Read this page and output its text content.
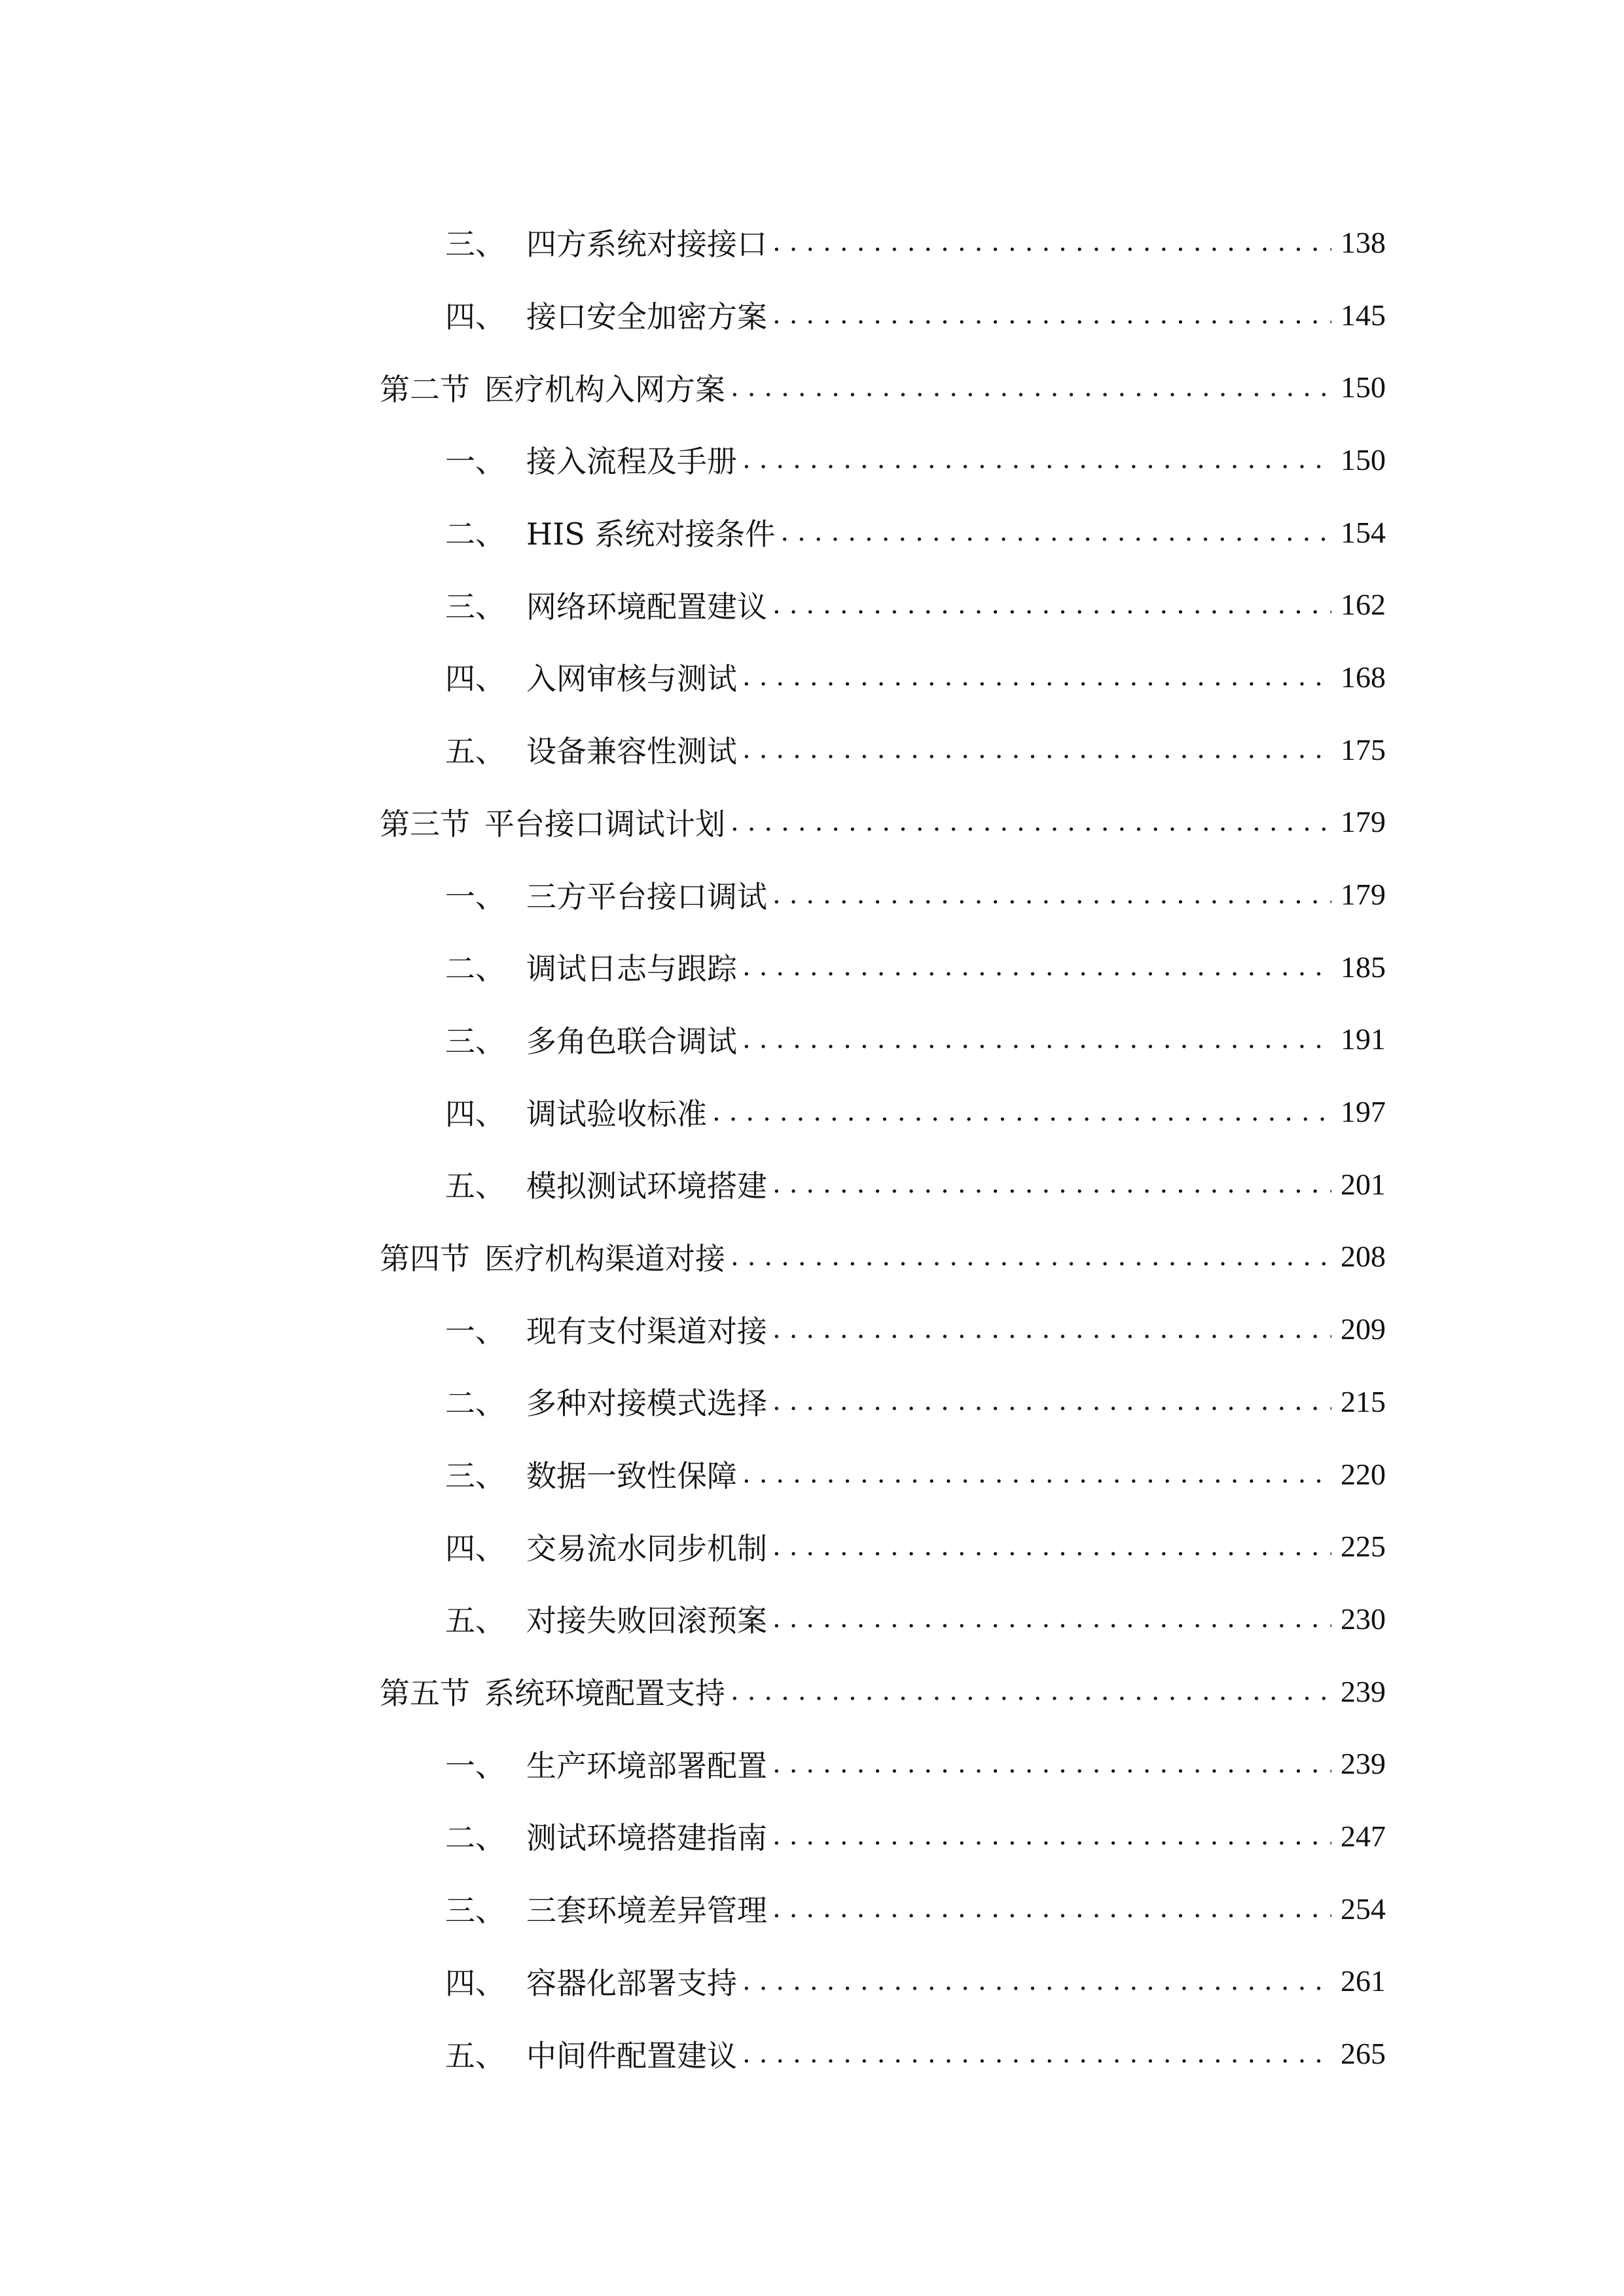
三、 四方系统对接接口 .....	138
四、 接口安全加密方案 .....	145
第二节 医疗机构入网方案 .....	150
一、 接入流程及手册 .....	150
二、 HIS 系统对接条件 .....	154
三、 网络环境配置建议 .....	162
四、 入网审核与测试 .....	168
五、 设备兼容性测试 .....	175
第三节 平台接口调试计划 .....	179
一、 三方平台接口调试 .....	179
二、 调试日志与跟踪 .....	185
三、 多角色联合调试 .....	191
四、 调试验收标准 .....	197
五、 模拟测试环境搭建 .....	201
第四节 医疗机构渠道对接 .....	208
一、 现有支付渠道对接 .....	209
二、 多种对接模式选择 .....	215
三、 数据一致性保障 .....	220
四、 交易流水同步机制 .....	225
五、 对接失败回滚预案 .....	230
第五节 系统环境配置支持 .....	239
一、 生产环境部署配置 .....	239
二、 测试环境搭建指南 .....	247
三、 三套环境差异管理 .....	254
四、 容器化部署支持 .....	261
五、 中间件配置建议 .....	265
